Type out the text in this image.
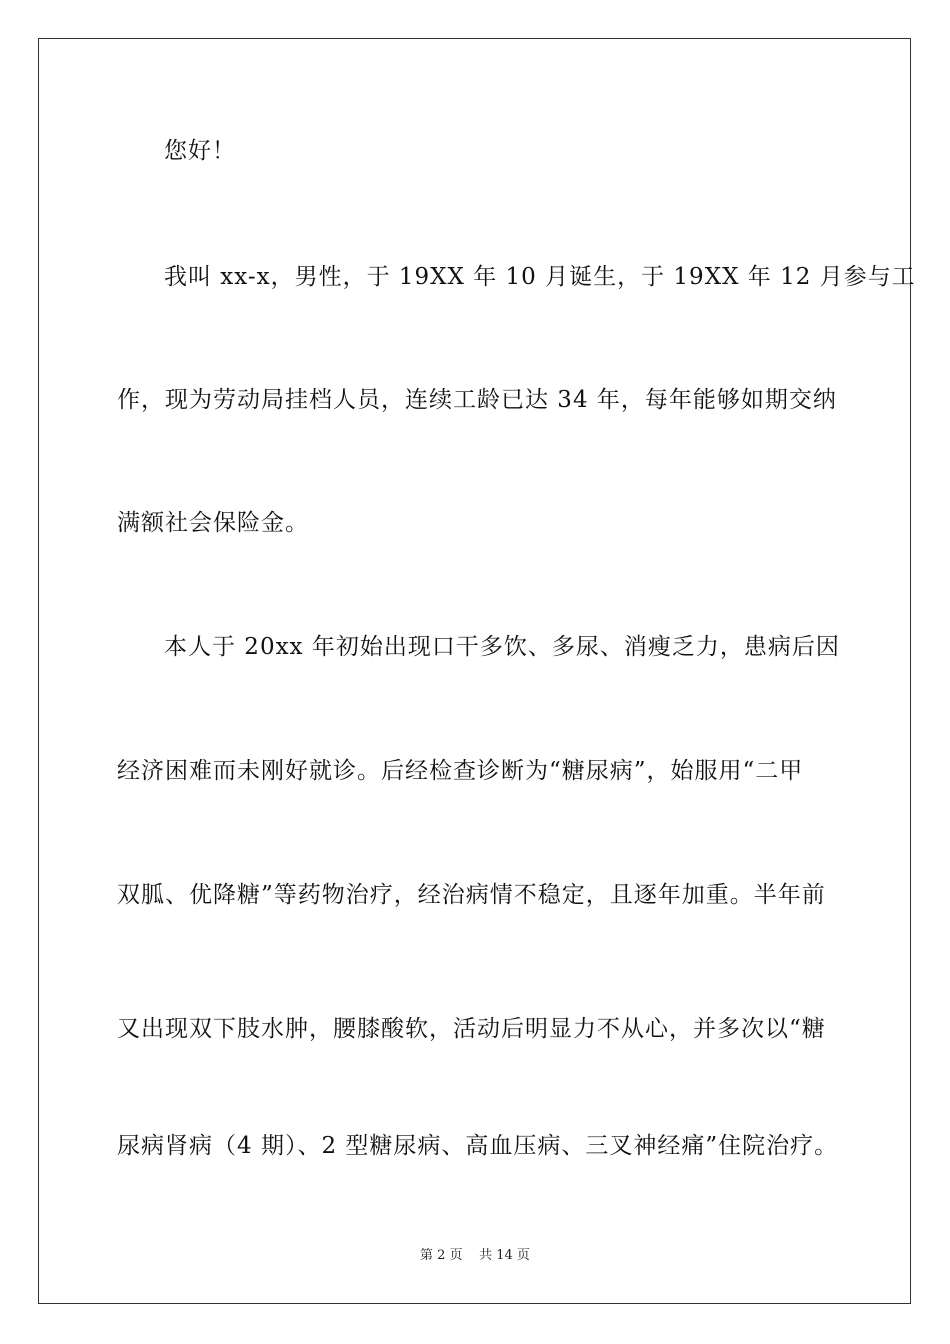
您好！
我叫 xx-x，男性，于 19XX 年 10 月诞生，于 19XX 年 12 月参与工
作，现为劳动局挂档人员，连续工龄已达 34 年，每年能够如期交纳
满额社会保险金。
本人于 20xx 年初始出现口干多饮、多尿、消瘦乏力，患病后因
经济困难而未刚好就诊。后经检查诊断为“糖尿病”，始服用“二甲
双胍、优降糖”等药物治疗，经治病情不稳定，且逐年加重。半年前
又出现双下肢水肿，腰膝酸软，活动后明显力不从心，并多次以“糖
尿病肾病（4 期）、2 型糖尿病、高血压病、三叉神经痛”住院治疗。
第 2 页 共 14 页
